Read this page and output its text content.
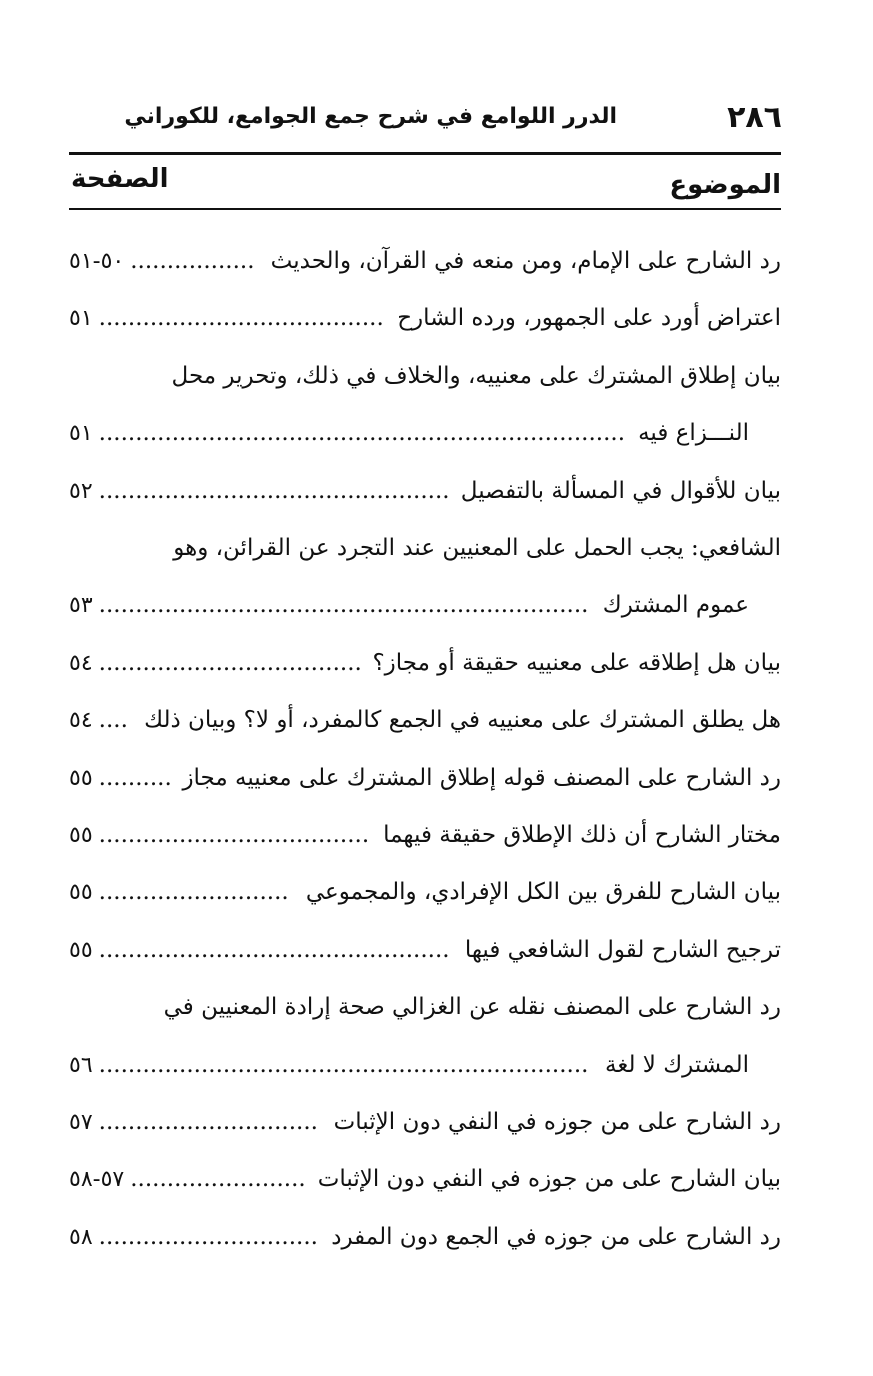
٢٨٦
الدرر اللوامع في شرح جمع الجوامع، للكوراني
الموضوع
الصفحة
رد الشارح على الإمام، ومن منعه في القرآن، والحديث
٥٠-٥١ .................
اعتراض أورد على الجمهور، ورده الشارح
٥١ .......................................
بيان إطلاق المشترك على معنييه، والخلاف في ذلك، وتحرير محل
النـــزاع فيه
٥١ ........................................................................
بيان للأقوال في المسألة بالتفصيل
٥٢ ................................................
الشافعي: يجب الحمل على المعنيين عند التجرد عن القرائن، وهو
عموم المشترك
٥٣ ...................................................................
بيان هل إطلاقه على معنييه حقيقة أو مجاز؟
٥٤ ....................................
هل يطلق المشترك على معنييه في الجمع كالمفرد، أو لا؟ وبيان ذلك
٥٤ ....
رد الشارح على المصنف قوله إطلاق المشترك على معنييه مجاز
٥٥ ..........
مختار الشارح أن ذلك الإطلاق حقيقة فيهما
٥٥ .....................................
بيان الشارح للفرق بين الكل الإفرادي، والمجموعي
٥٥ ..........................
ترجيح الشارح لقول الشافعي فيها
٥٥ ................................................
رد الشارح على المصنف نقله عن الغزالي صحة إرادة المعنيين في
المشترك لا لغة
٥٦ ...................................................................
رد الشارح على من جوزه في النفي دون الإثبات
٥٧ ..............................
بيان الشارح على من جوزه في النفي دون الإثبات
٥٧-٥٨ ........................
رد الشارح على من جوزه في الجمع دون المفرد
٥٨ ..............................
